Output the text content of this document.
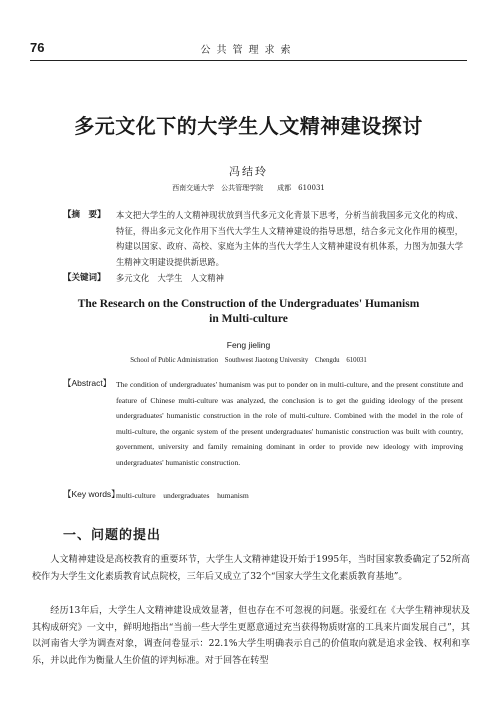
76	公共管理求索
多元文化下的大学生人文精神建设探讨
冯结玲
西南交通大学　公共管理学院　　成都　610031
【摘　要】 本文把大学生的人文精神现状放到当代多元文化背景下思考，分析当前我国多元文化的构成、特征，得出多元文化作用下当代大学生人文精神建设的指导思想，结合多元文化作用的模型，构建以国家、政府、高校、家庭为主体的当代大学生人文精神建设有机体系，力图为加强大学生精神文明建设提供新思路。

【关键词】 多元文化　大学生　人文精神

The Research on the Construction of the Undergraduates' Humanism
in Multi-culture
Feng jieling
School of Public Administration　Southwest Jiaotong University　Chengdu　610031
【Abstract】 The condition of undergraduates' humanism was put to ponder on in multi-culture, and the present constitute and feature of Chinese multi-culture was analyzed, the conclusion is to get the guiding ideology of the present undergraduates' humanistic construction in the role of multi-culture. Combined with the model in the role of multi-culture, the organic system of the present undergraduates' humanistic construction was built with country, government, university and family remaining dominant in order to provide new ideology with improving undergraduates' humanistic construction.

【Key words】

multi-culture　undergraduates　humanism

一、问题的提出

人文精神建设是高校教育的重要环节，大学生人文精神建设开始于1995年，当时国家教委确定了52所高校作为大学生文化素质教育试点院校，三年后又成立了32个“国家大学生文化素质教育基地”。

经历13年后，大学生人文精神建设成效显著，但也存在不可忽视的问题。张爱红在《大学生精神现状及其构成研究》一文中，鲜明地指出“当前一些大学生更愿意通过充当获得物质财富的工具来片面发展自己”，其以河南省大学为调查对象，调查问卷显示：22.1%大学生明确表示自己的价值取向就是追求金钱、权利和享乐，并以此作为衡量人生价值的评判标准。对于回答在转型
